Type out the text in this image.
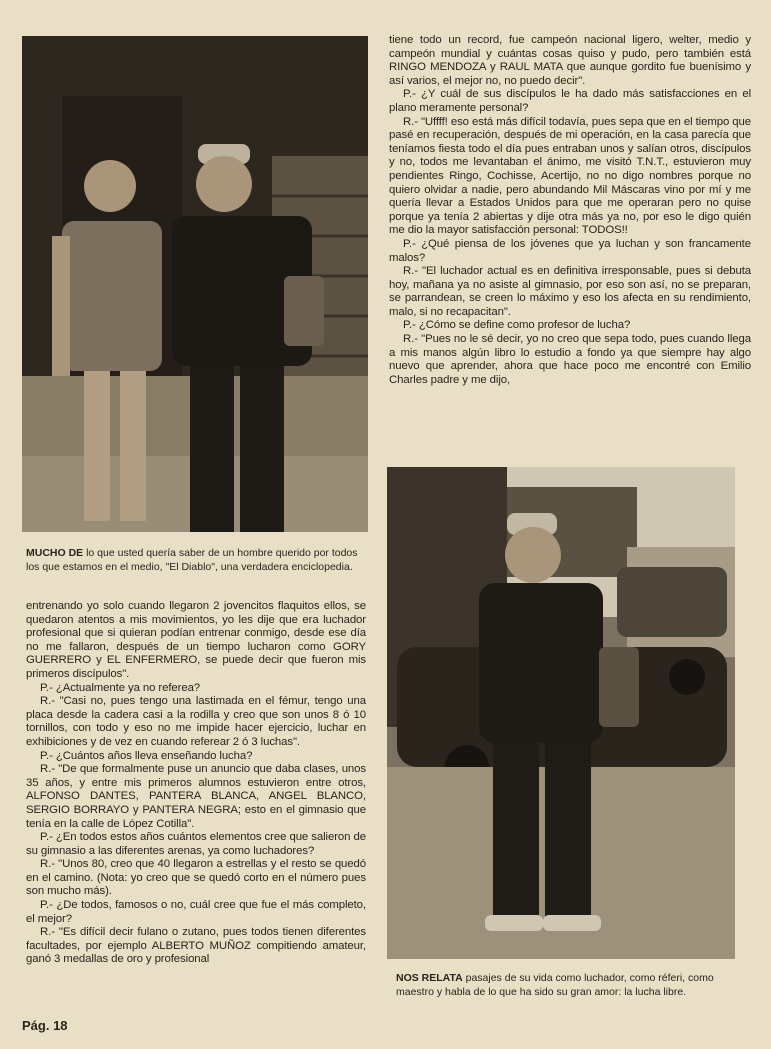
MUCHO DE lo que usted quería saber de un hombre querido por todos los que estamos en el medio, "El Diablo", una verdadera enciclopedia.

entrenando yo solo cuando llegaron 2 jovencitos flaquitos ellos, se quedaron atentos a mis movimientos, yo les dije que era luchador profesional que si quieran podían entrenar conmigo, desde ese día no me fallaron, después de un tiempo lucharon como GORY GUERRERO y EL ENFERMERO, se puede decir que fueron mis primeros discípulos".

P.- ¿Actualmente ya no referea?

R.- "Casi no, pues tengo una lastimada en el fémur, tengo una placa desde la cadera casi a la rodilla y creo que son unos 8 ó 10 tornillos, con todo y eso no me impide hacer ejercicio, luchar en exhibiciones y de vez en cuando referear 2 ó 3 luchas".

P.- ¿Cuántos años lleva enseñando lucha?

R.- "De que formalmente puse un anuncio que daba clases, unos 35 años, y entre mis primeros alumnos estuvieron entre otros, ALFONSO DANTES, PANTERA BLANCA, ANGEL BLANCO, SERGIO BORRAYO y PANTERA NEGRA; esto en el gimnasio que tenía en la calle de López Cotilla".

P.- ¿En todos estos años cuántos elementos cree que salieron de su gimnasio a las diferentes arenas, ya como luchadores?

R.- "Unos 80, creo que 40 llegaron a estrellas y el resto se quedó en el camino. (Nota: yo creo que se quedó corto en el número pues son mucho más).

P.- ¿De todos, famosos o no, cuál cree que fue el más completo, el mejor?

R.- "Es difícil decir fulano o zutano, pues todos tienen diferentes facultades, por ejemplo ALBERTO MUÑOZ compitiendo amateur, ganó 3 medallas de oro y profesional

tiene todo un record, fue campeón nacional ligero, welter, medio y campeón mundial y cuántas cosas quiso y pudo, pero también está RINGO MENDOZA y RAUL MATA que aunque gordito fue buenísimo y así varios, el mejor no, no puedo decir".

P.- ¿Y cuál de sus discípulos le ha dado más satisfacciones en el plano meramente personal?

R.- "Uffff! eso está más difícil todavía, pues sepa que en el tiempo que pasé en recuperación, después de mi operación, en la casa parecía que teníamos fiesta todo el día pues entraban unos y salían otros, discípulos y no, todos me levantaban el ánimo, me visitó T.N.T., estuvieron muy pendientes Ringo, Cochisse, Acertijo, no no digo nombres porque no quiero olvidar a nadie, pero abundando Mil Máscaras vino por mí y me quería llevar a Estados Unidos para que me operaran pero no quise porque ya tenía 2 abiertas y dije otra más ya no, por eso le digo quién me dio la mayor satisfacción personal: TODOS!!

P.- ¿Qué piensa de los jóvenes que ya luchan y son francamente malos?

R.- "El luchador actual es en definitiva irresponsable, pues si debuta hoy, mañana ya no asiste al gimnasio, por eso son así, no se preparan, se parrandean, se creen lo máximo y eso los afecta en su rendimiento, malo, si no recapacitan".

P.- ¿Cómo se define como profesor de lucha?

R.- "Pues no le sé decir, yo no creo que sepa todo, pues cuando llega a mis manos algún libro lo estudio a fondo ya que siempre hay algo nuevo que aprender, ahora que hace poco me encontré con Emilio Charles padre y me dijo,

NOS RELATA pasajes de su vida como luchador, como réferi, como maestro y habla de lo que ha sido su gran amor: la lucha libre.
Pág. 18
